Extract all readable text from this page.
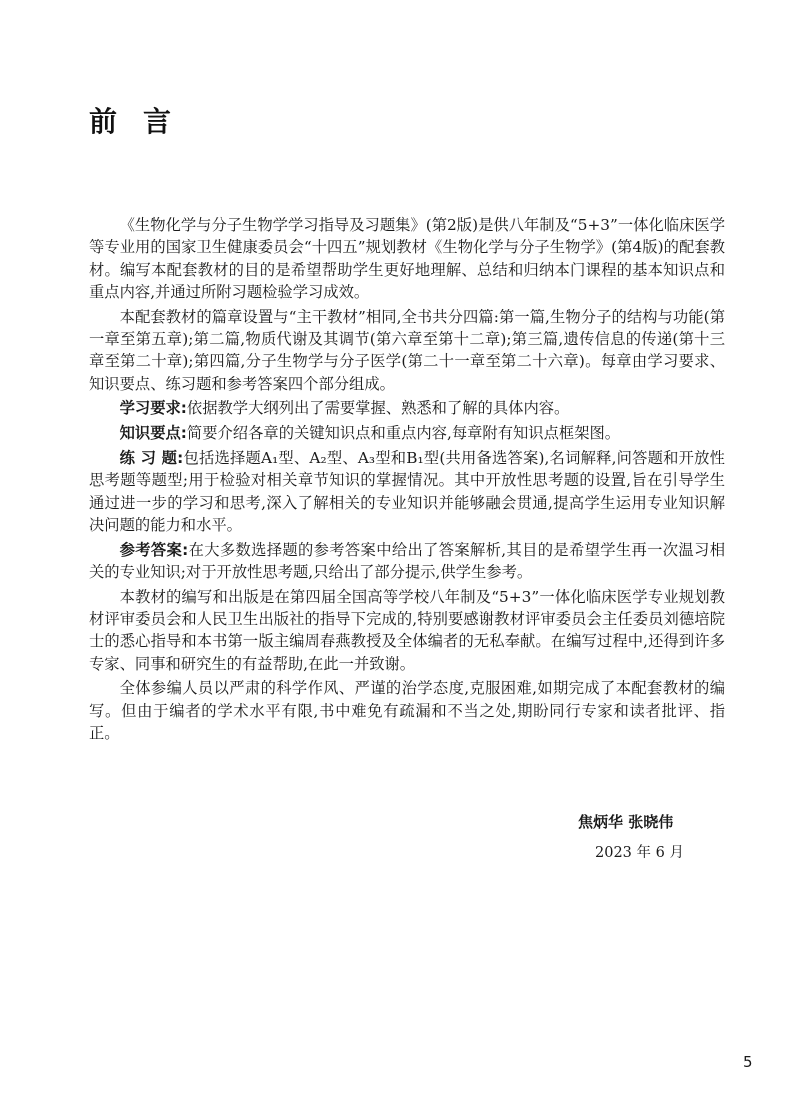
前言

《生物化学与分子生物学学习指导及习题集》(第2版)是供八年制及“5+3”一体化临床医学等专业用的国家卫生健康委员会“十四五”规划教材《生物化学与分子生物学》(第4版)的配套教材。编写本配套教材的目的是希望帮助学生更好地理解、总结和归纳本门课程的基本知识点和重点内容,并通过所附习题检验学习成效。

本配套教材的篇章设置与“主干教材”相同,全书共分四篇:第一篇,生物分子的结构与功能(第一章至第五章);第二篇,物质代谢及其调节(第六章至第十二章);第三篇,遗传信息的传递(第十三章至第二十章);第四篇,分子生物学与分子医学(第二十一章至第二十六章)。每章由学习要求、知识要点、练习题和参考答案四个部分组成。

学习要求:依据教学大纲列出了需要掌握、熟悉和了解的具体内容。

知识要点:简要介绍各章的关键知识点和重点内容,每章附有知识点框架图。

练 习 题:包括选择题A₁型、A₂型、A₃型和B₁型(共用备选答案),名词解释,问答题和开放性思考题等题型;用于检验对相关章节知识的掌握情况。其中开放性思考题的设置,旨在引导学生通过进一步的学习和思考,深入了解相关的专业知识并能够融会贯通,提高学生运用专业知识解决问题的能力和水平。

参考答案:在大多数选择题的参考答案中给出了答案解析,其目的是希望学生再一次温习相关的专业知识;对于开放性思考题,只给出了部分提示,供学生参考。

本教材的编写和出版是在第四届全国高等学校八年制及“5+3”一体化临床医学专业规划教材评审委员会和人民卫生出版社的指导下完成的,特别要感谢教材评审委员会主任委员刘德培院士的悉心指导和本书第一版主编周春燕教授及全体编者的无私奉献。在编写过程中,还得到许多专家、同事和研究生的有益帮助,在此一并致谢。

全体参编人员以严肃的科学作风、严谨的治学态度,克服困难,如期完成了本配套教材的编写。但由于编者的学术水平有限,书中难免有疏漏和不当之处,期盼同行专家和读者批评、指正。

焦炳华 张晓伟
2023 年 6 月
5
